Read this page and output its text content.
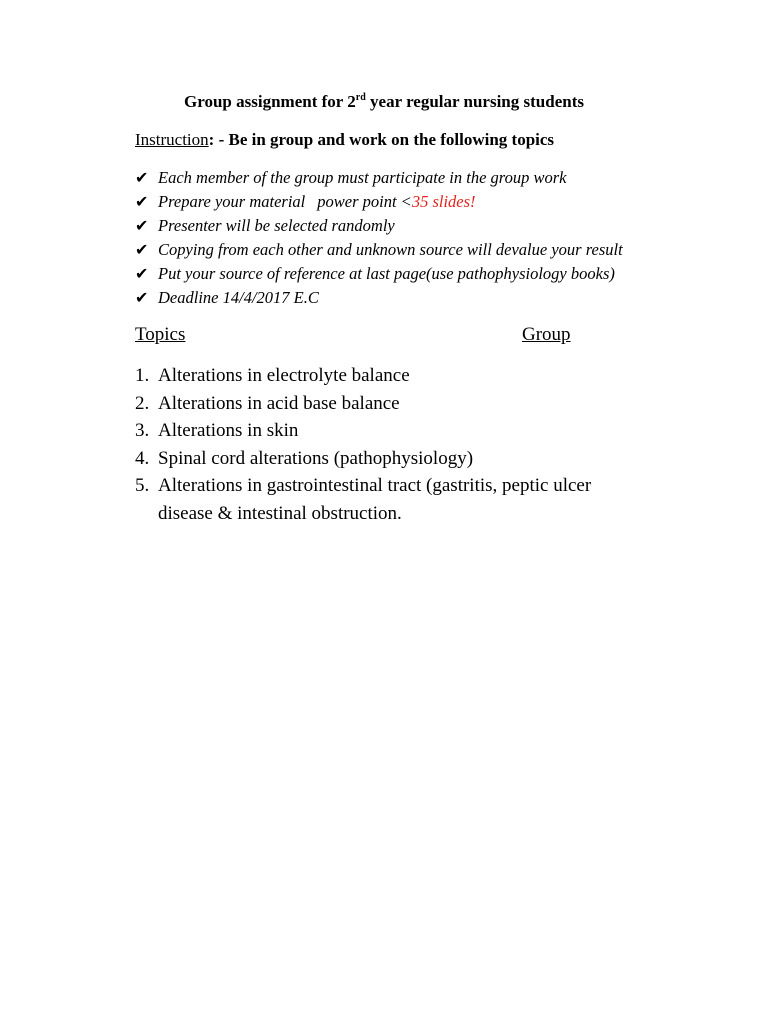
Group assignment for 2rd year regular nursing students
Instruction: - Be in group and work on the following topics
✔ Each member of the group must participate in the group work
✔ Prepare your material power point < 35 slides!
✔ Presenter will be selected randomly
✔ Copying from each other and unknown source will devalue your result
✔ Put your source of reference at last page(use pathophysiology books)
✔ Deadline 14/4/2017 E.C
Topics	Group
1. Alterations in electrolyte balance
2. Alterations in acid base balance
3. Alterations in skin
4. Spinal cord alterations (pathophysiology)
5. Alterations in gastrointestinal tract (gastritis, peptic ulcer disease & intestinal obstruction.
